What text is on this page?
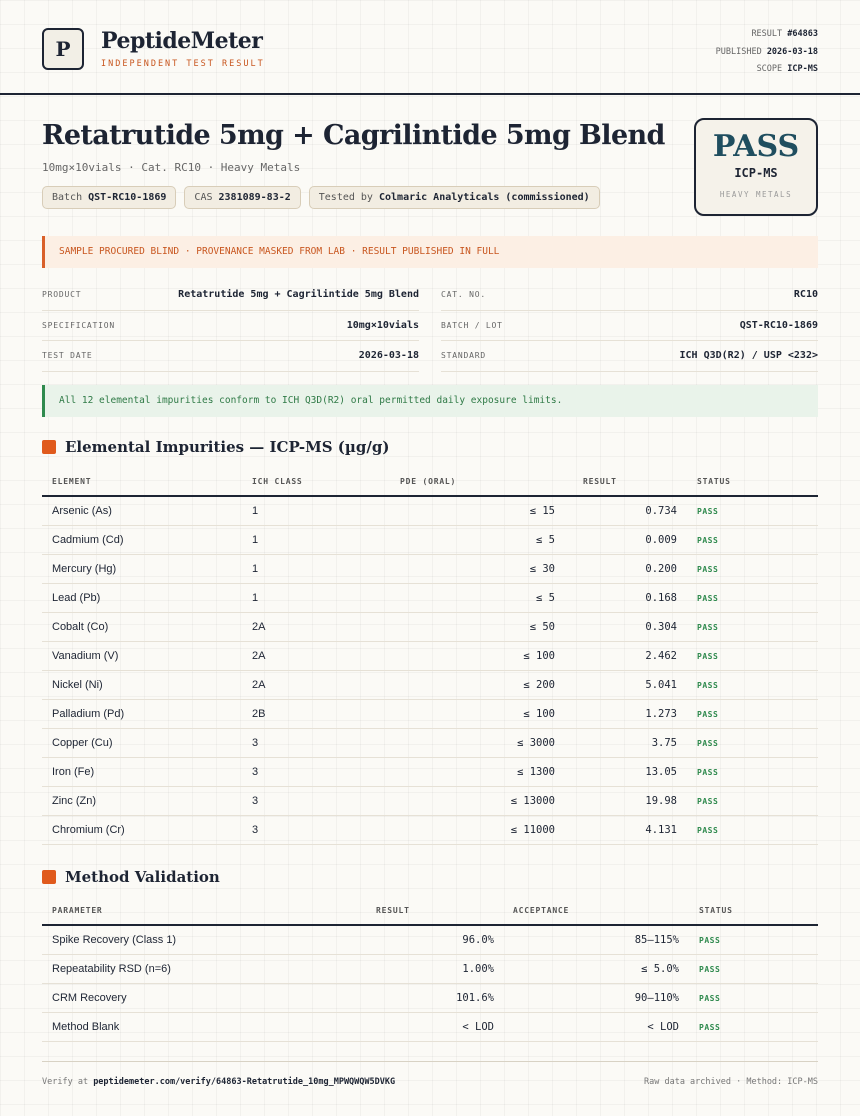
P	PeptideMeter
INDEPENDENT TEST RESULT
RESULT #64863
PUBLISHED 2026-03-18
SCOPE ICP-MS
Retatrutide 5mg + Cagrilintide 5mg Blend
10mg×10vials · Cat. RC10 · Heavy Metals
Batch QST-RC10-1869	CAS 2381089-83-2	Tested by Colmaric Analyticals (commissioned)
PASS
ICP-MS
HEAVY METALS
SAMPLE PROCURED BLIND · PROVENANCE MASKED FROM LAB · RESULT PUBLISHED IN FULL
PRODUCT	Retatrutide 5mg + Cagrilintide 5mg Blend	CAT. NO.	RC10
SPECIFICATION	10mg×10vials	BATCH / LOT	QST-RC10-1869
TEST DATE	2026-03-18	STANDARD	ICH Q3D(R2) / USP <232>
All 12 elemental impurities conform to ICH Q3D(R2) oral permitted daily exposure limits.
Elemental Impurities — ICP-MS (µg/g)
ELEMENT	ICH CLASS	PDE (ORAL)	RESULT	STATUS
Arsenic (As)	1	≤ 15	0.734	PASS
Cadmium (Cd)	1	≤ 5	0.009	PASS
Mercury (Hg)	1	≤ 30	0.200	PASS
Lead (Pb)	1	≤ 5	0.168	PASS
Cobalt (Co)	2A	≤ 50	0.304	PASS
Vanadium (V)	2A	≤ 100	2.462	PASS
Nickel (Ni)	2A	≤ 200	5.041	PASS
Palladium (Pd)	2B	≤ 100	1.273	PASS
Copper (Cu)	3	≤ 3000	3.75	PASS
Iron (Fe)	3	≤ 1300	13.05	PASS
Zinc (Zn)	3	≤ 13000	19.98	PASS
Chromium (Cr)	3	≤ 11000	4.131	PASS
Method Validation
PARAMETER	RESULT	ACCEPTANCE	STATUS
Spike Recovery (Class 1)	96.0%	85–115%	PASS
Repeatability RSD (n=6)	1.00%	≤ 5.0%	PASS
CRM Recovery	101.6%	90–110%	PASS
Method Blank	< LOD	< LOD	PASS
Verify at peptidemeter.com/verify/64863-Retatrutide_10mg_MPWQWQW5DVKG	Raw data archived · Method: ICP-MS
